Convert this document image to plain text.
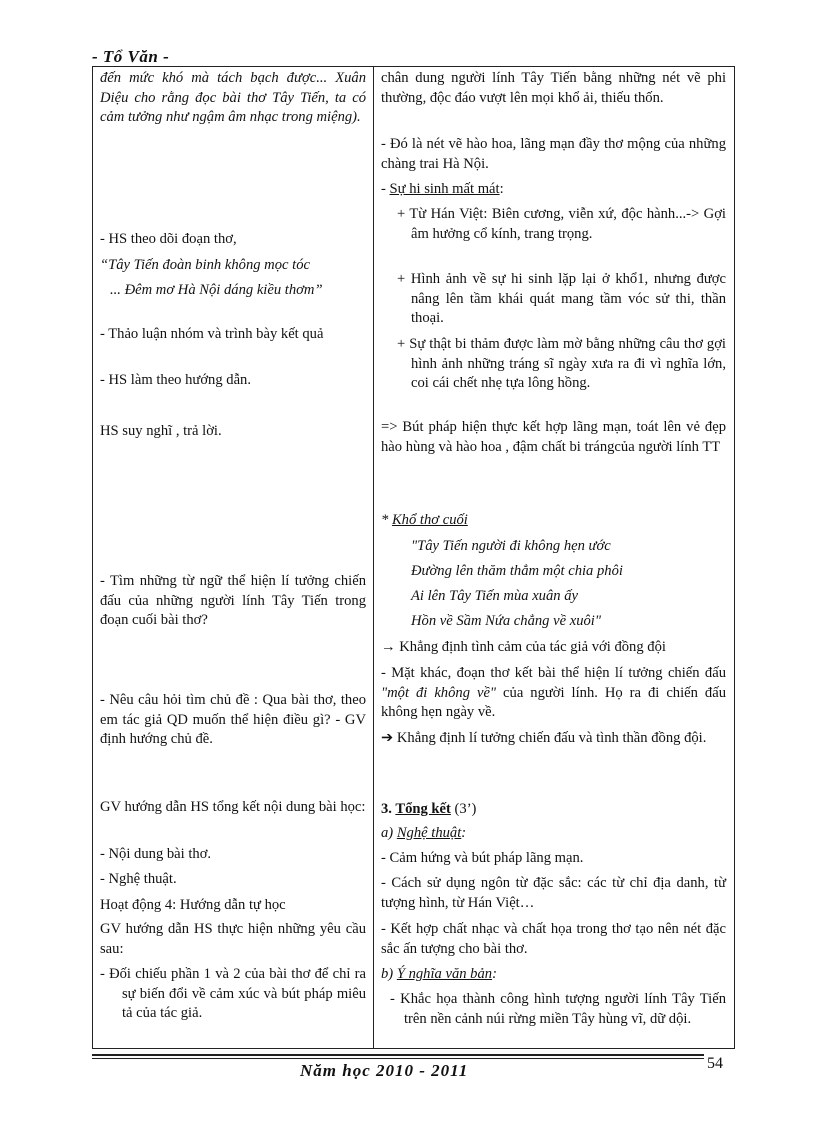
- Tổ Văn -
đến mức khó mà tách bạch được... Xuân Diệu cho rằng đọc bài thơ Tây Tiến, ta có cảm tưởng như ngậm âm nhạc trong miệng).
- HS theo dõi đoạn thơ,
“Tây Tiến đoàn binh không mọc tóc
... Đêm mơ Hà Nội dáng kiều thơm”
- Thảo luận nhóm và trình bày kết quả
- HS làm theo hướng dẫn.
HS suy nghĩ , trả lời.
- Tìm những từ ngữ thể hiện lí tưởng chiến đấu của những người lính Tây Tiến trong đoạn cuối bài thơ?
- Nêu câu hỏi tìm chủ đề : Qua bài thơ, theo em tác giả QD muốn thể hiện điều gì? - GV định hướng chủ đề.
GV hướng dẫn HS tổng kết nội dung bài học:
- Nội dung bài thơ.
- Nghệ thuật.
Hoạt động 4: Hướng dẫn tự học
GV hướng dẫn HS thực hiện những yêu cầu sau:
- Đối chiếu phần 1 và 2 của bài thơ để chỉ ra sự biến đổi về cảm xúc và bút pháp miêu tả của tác giả.
chân dung người lính Tây Tiến bằng những nét vẽ phi thường, độc đáo vượt lên mọi khổ ải, thiếu thốn.
- Đó là nét vẽ hào hoa, lãng mạn đầy thơ mộng của những chàng trai Hà Nội.
- Sự hi sinh mất mát:
+ Từ Hán Việt: Biên cương, viễn xứ, độc hành...-> Gợi âm hưởng cổ kính, trang trọng.
+ Hình ảnh về sự hi sinh lặp lại ở khổ1, nhưng được nâng lên tầm khái quát mang tầm vóc sử thi, thần thoại.
+ Sự thật bi thảm được làm mờ bằng những câu thơ gợi hình ảnh những tráng sĩ ngày xưa ra đi vì nghĩa lớn, coi cái chết nhẹ tựa lông hồng.
=> Bút pháp hiện thực kết hợp lãng mạn, toát lên vẻ đẹp hào hùng và hào hoa , đậm chất bi trángcủa người lính TT
* Khổ thơ cuối
"Tây Tiến người đi không hẹn ước
Đường lên thăm thẳm một chia phôi
Ai lên Tây Tiến mùa xuân ấy
Hồn về Sầm Nứa chẳng về xuôi"
→ Khẳng định tình cảm của tác giả với đồng đội
- Mặt khác, đoạn thơ kết bài thể hiện lí tưởng chiến đấu "một đi không về" của người lính. Họ ra đi chiến đấu không hẹn ngày về.
➔ Khẳng định lí tưởng chiến đấu và tình thần đồng đội.
3. Tổng kết (3’)
a) Nghệ thuật:
- Cảm hứng và bút pháp lãng mạn.
- Cách sử dụng ngôn từ đặc sắc: các từ chỉ địa danh, từ tượng hình, từ Hán Việt…
- Kết hợp chất nhạc và chất họa trong thơ tạo nên nét đặc sắc ấn tượng cho bài thơ.
b) Ý nghĩa văn bản:
- Khắc họa thành công hình tượng người lính Tây Tiến trên nền cảnh núi rừng miền Tây hùng vĩ, dữ dội.
Năm học 2010 - 2011	54
